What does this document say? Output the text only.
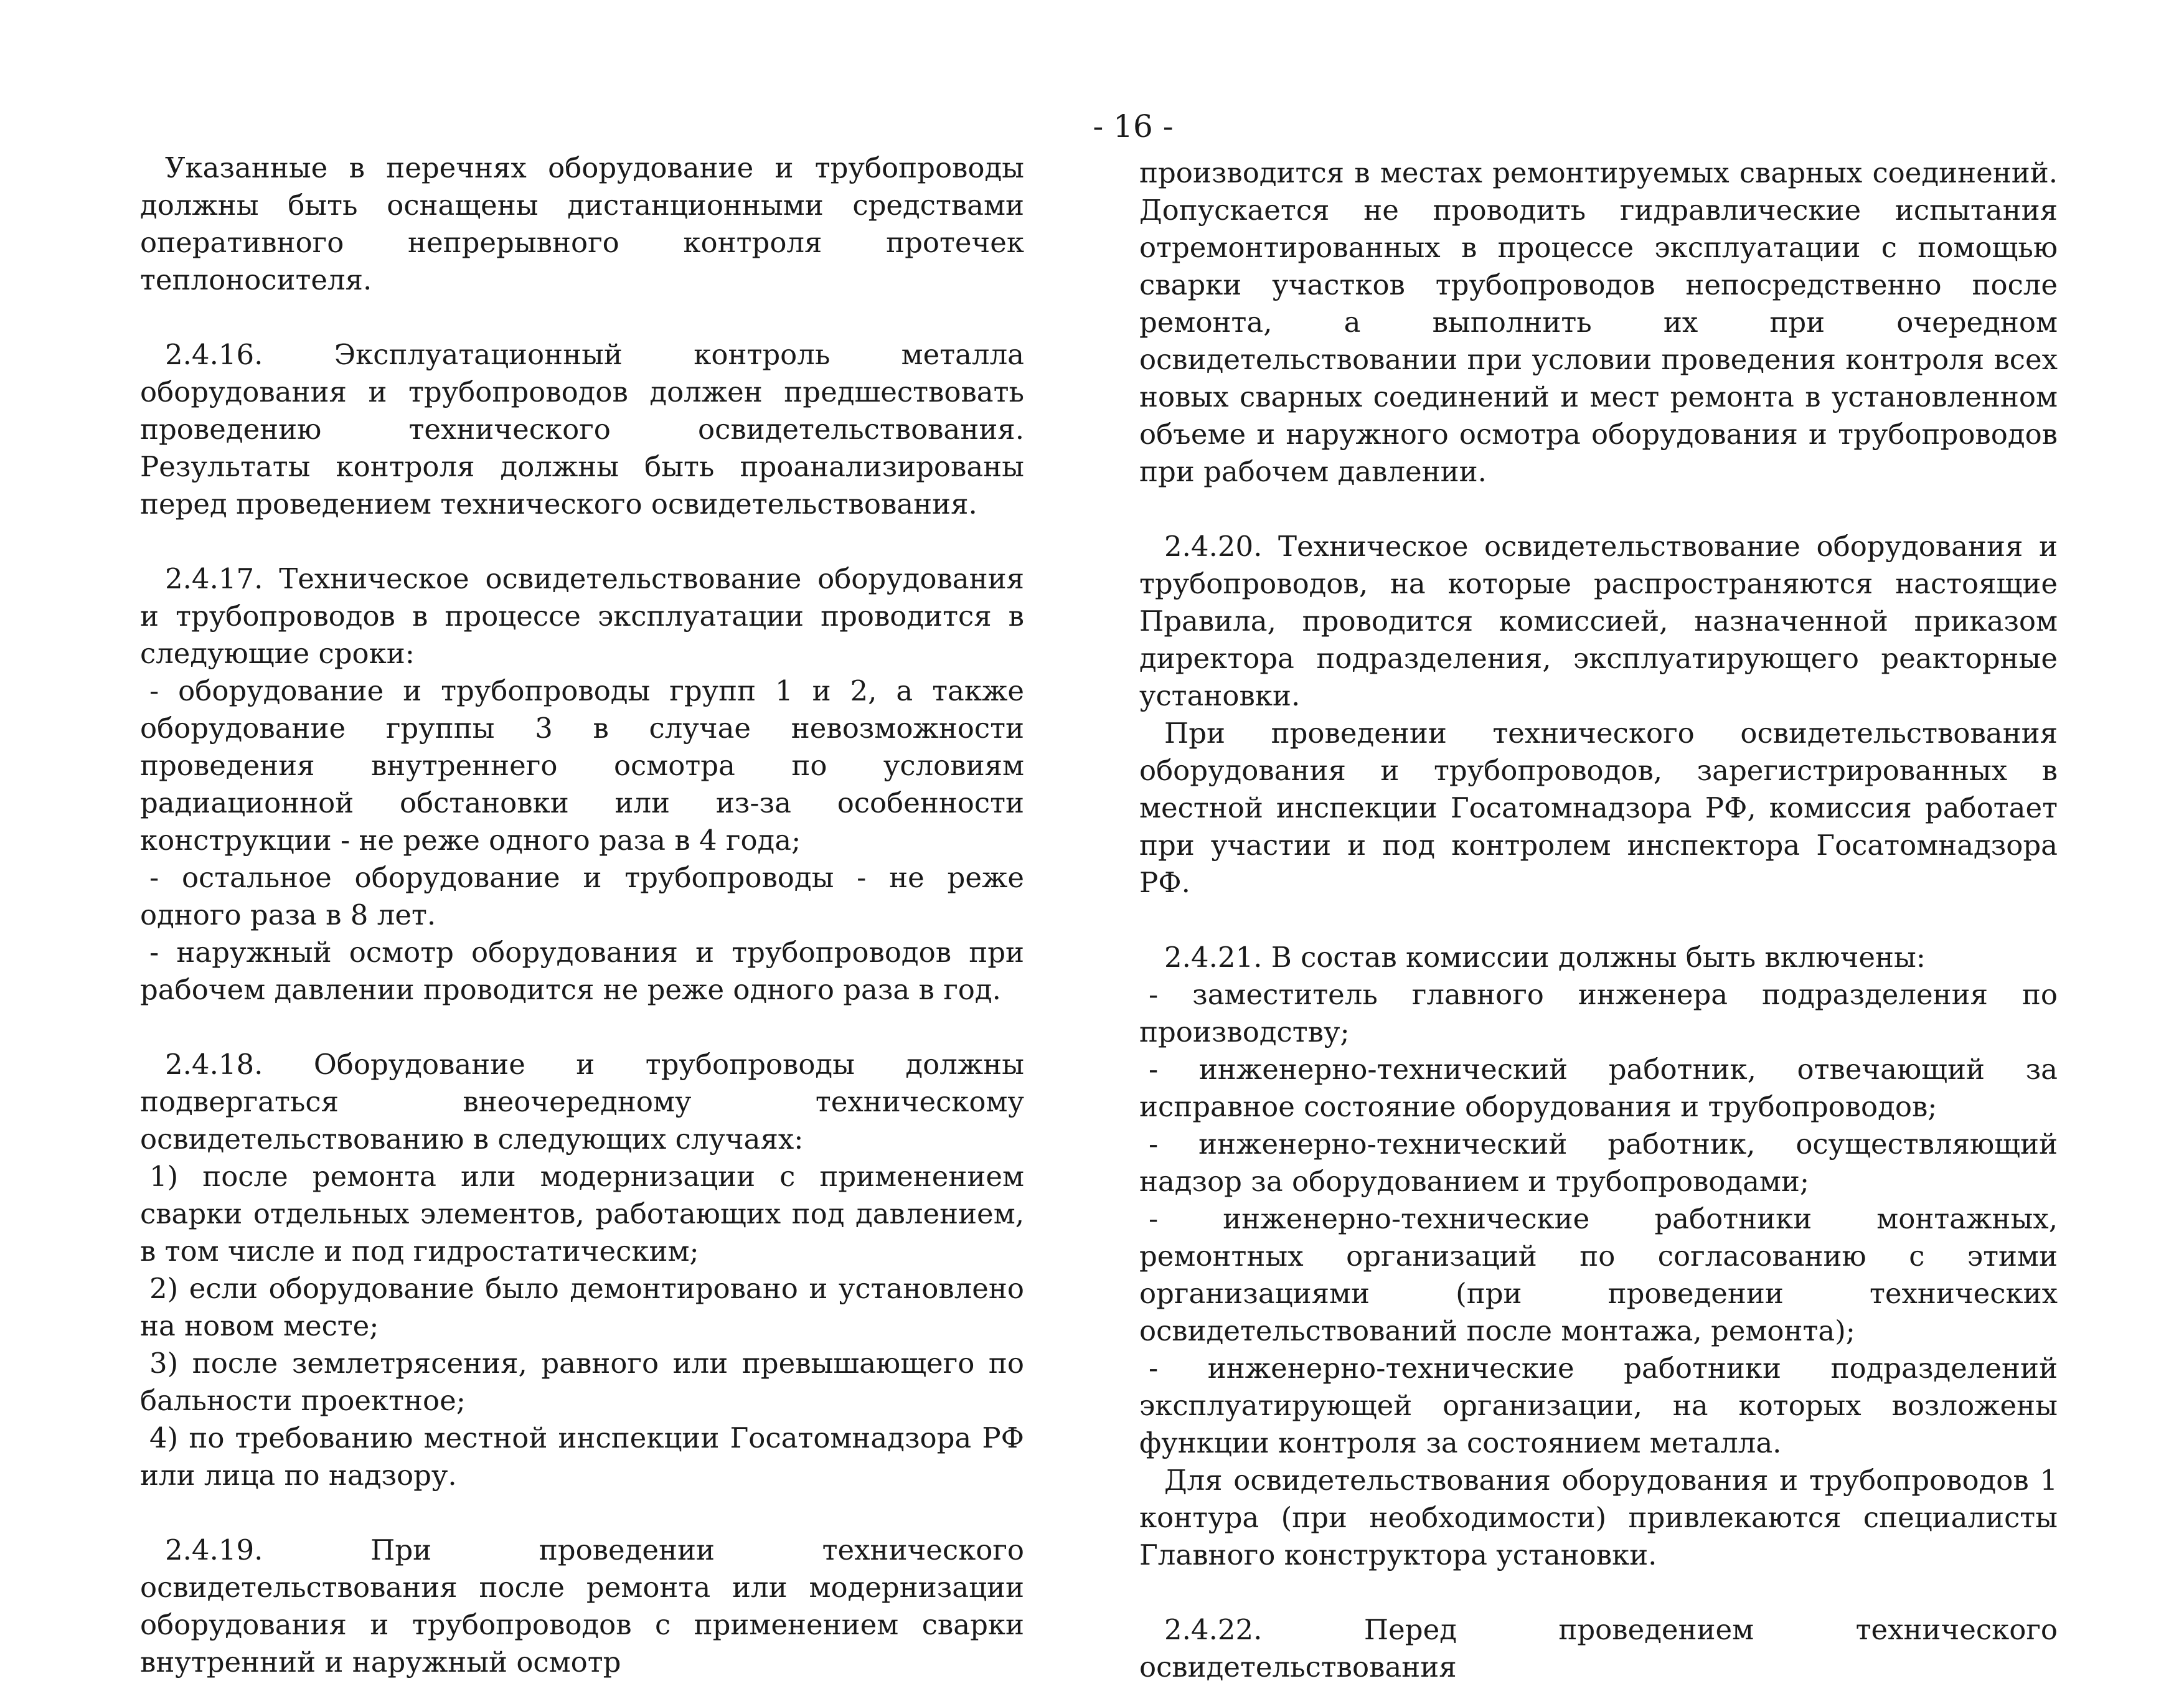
- 16 -

Указанные в перечнях оборудование и трубопроводы должны быть оснащены дистанционными средствами оперативного непрерывного контроля протечек теплоносителя.

2.4.16. Эксплуатационный контроль металла оборудования и трубопроводов должен предшествовать проведению технического освидетельствования. Результаты контроля должны быть проанализированы перед проведением технического освидетельствования.

2.4.17. Техническое освидетельствование оборудования и трубопроводов в процессе эксплуатации проводится в следующие сроки:

- оборудование и трубопроводы групп 1 и 2, а также оборудование группы 3 в случае невозможности проведения внутреннего осмотра по условиям радиационной обстановки или из-за особенности конструкции - не реже одного раза в 4 года;

- остальное оборудование и трубопроводы - не реже одного раза в 8 лет.

- наружный осмотр оборудования и трубопроводов при рабочем давлении проводится не реже одного раза в год.

2.4.18. Оборудование и трубопроводы должны подвергаться внеочередному техническому освидетельствованию в следующих случаях:

1) после ремонта или модернизации с применением сварки отдельных элементов, работающих под давлением, в том числе и под гидростатическим;

2) если оборудование было демонтировано и установлено на новом месте;

3) после землетрясения, равного или превышающего по бальности проектное;

4) по требованию местной инспекции Госатомнадзора РФ или лица по надзору.

2.4.19. При проведении технического освидетельствования после ремонта или модернизации оборудования и трубопроводов с применением сварки внутренний и наружный осмотр

производится в местах ремонтируемых сварных соединений. Допускается не проводить гидравлические испытания отремонтированных в процессе эксплуатации с помощью сварки участков трубопроводов непосредственно после ремонта, а выполнить их при очередном освидетельствовании при условии проведения контроля всех новых сварных соединений и мест ремонта в установленном объеме и наружного осмотра оборудования и трубопроводов при рабочем давлении.

2.4.20. Техническое освидетельствование оборудования и трубопроводов, на которые распространяются настоящие Правила, проводится комиссией, назначенной приказом директора подразделения, эксплуатирующего реакторные установки.

При проведении технического освидетельствования оборудования и трубопроводов, зарегистрированных в местной инспекции Госатомнадзора РФ, комиссия работает при участии и под контролем инспектора Госатомнадзора РФ.

2.4.21. В состав комиссии должны быть включены:

- заместитель главного инженера подразделения по производству;

- инженерно-технический работник, отвечающий за исправное состояние оборудования и трубопроводов;

- инженерно-технический работник, осуществляющий надзор за оборудованием и трубопроводами;

- инженерно-технические работники монтажных, ремонтных организаций по согласованию с этими организациями (при проведении технических освидетельствований после монтажа, ремонта);

- инженерно-технические работники подразделений эксплуатирующей организации, на которых возложены функции контроля за состоянием металла.

Для освидетельствования оборудования и трубопроводов 1 контура (при необходимости) привлекаются специалисты Главного конструктора установки.

2.4.22. Перед проведением технического освидетельствования
